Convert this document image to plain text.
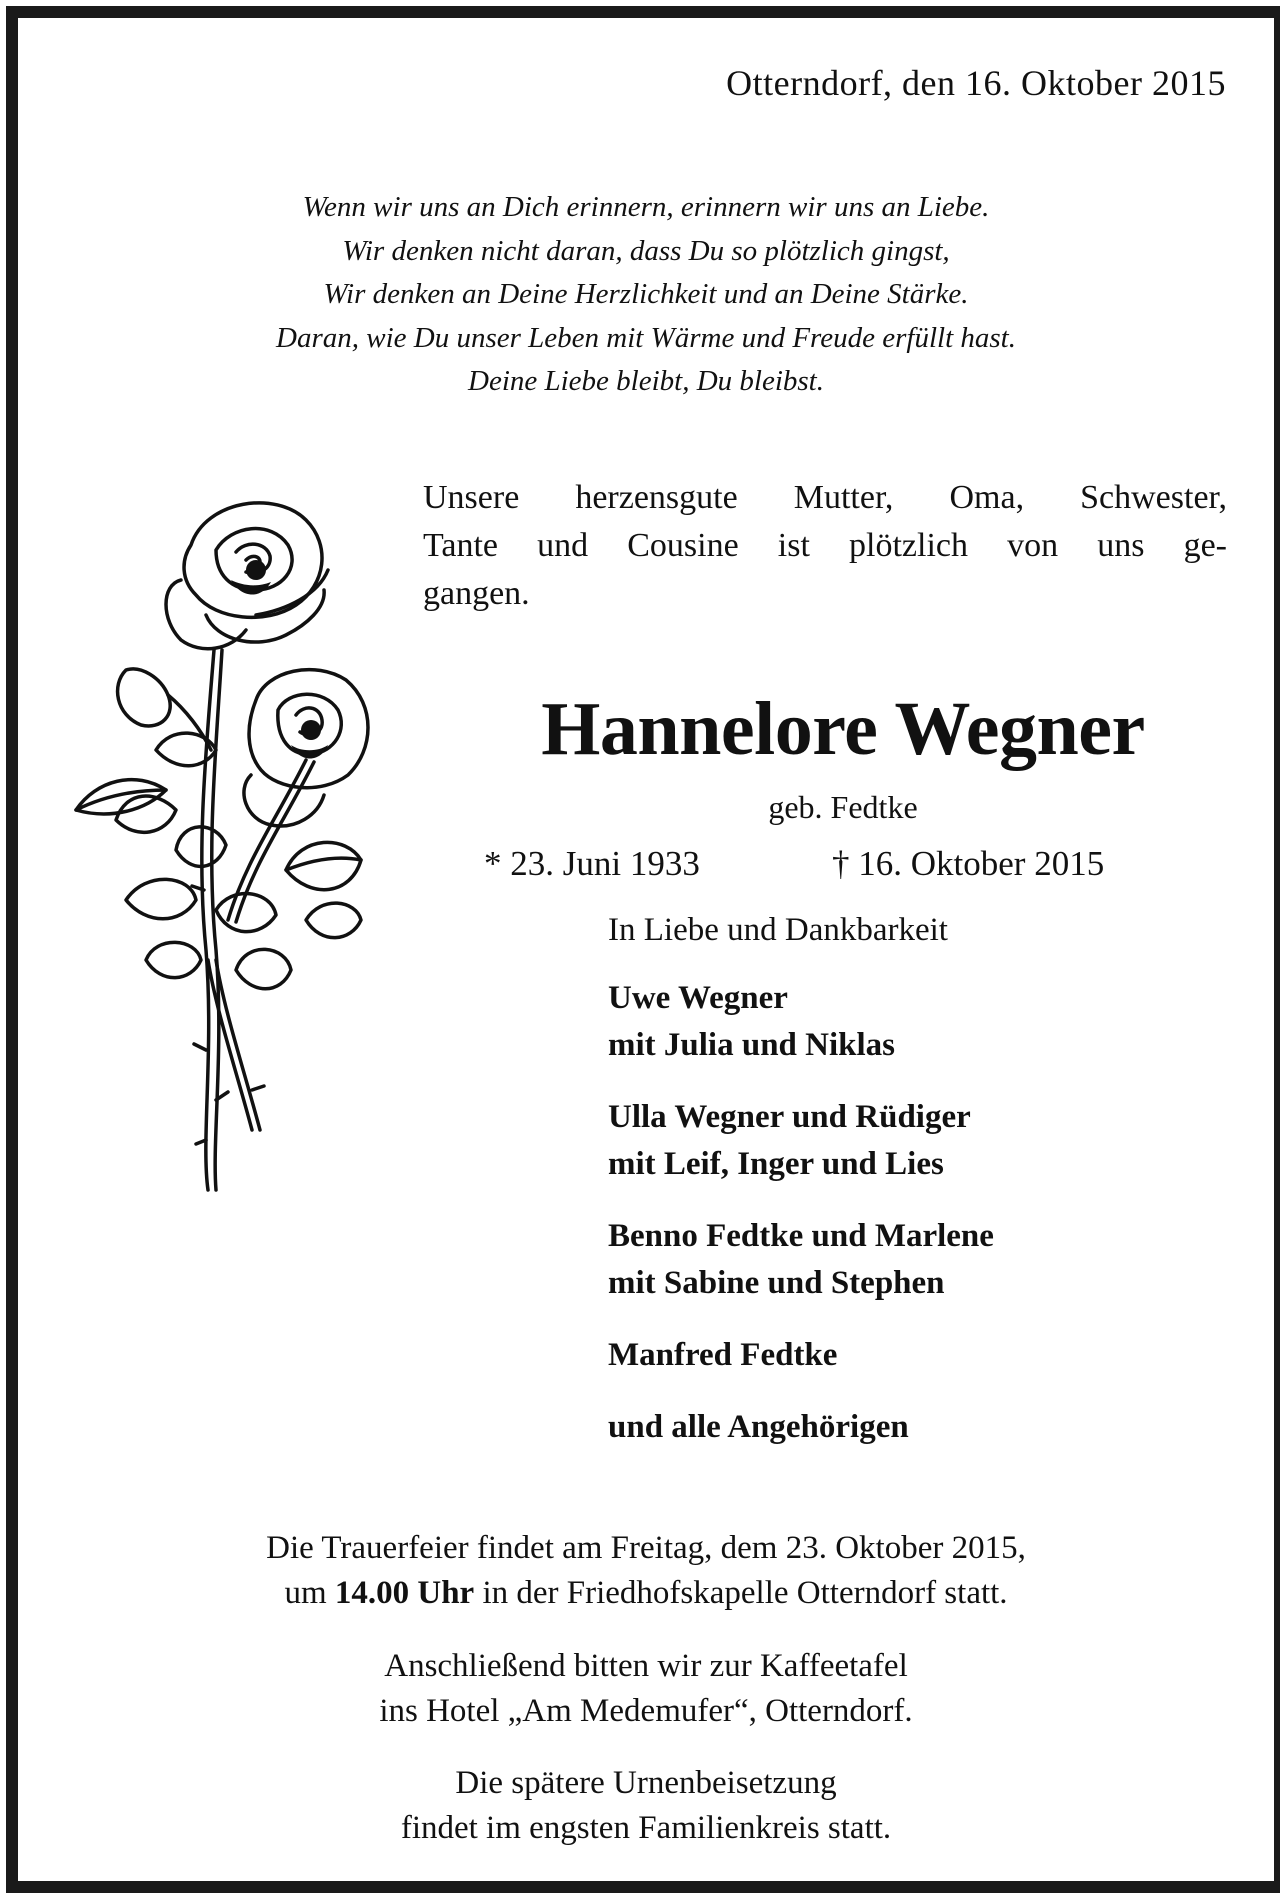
Otterndorf, den 16. Oktober 2015
Wenn wir uns an Dich erinnern, erinnern wir uns an Liebe.
Wir denken nicht daran, dass Du so plötzlich gingst,
Wir denken an Deine Herzlichkeit und an Deine Stärke.
Daran, wie Du unser Leben mit Wärme und Freude erfüllt hast.
Deine Liebe bleibt, Du bleibst.
Unsere herzensgute Mutter, Oma, Schwester,
Tante und Cousine ist plötzlich von uns ge-
gangen.
Hannelore Wegner
geb. Fedtke
* 23. Juni 1933	† 16. Oktober 2015
In Liebe und Dankbarkeit
Uwe Wegner
mit Julia und Niklas
Ulla Wegner und Rüdiger
mit Leif, Inger und Lies
Benno Fedtke und Marlene
mit Sabine und Stephen
Manfred Fedtke
und alle Angehörigen
Die Trauerfeier findet am Freitag, dem 23. Oktober 2015,
um 14.00 Uhr in der Friedhofskapelle Otterndorf statt.
Anschließend bitten wir zur Kaffeetafel
ins Hotel „Am Medemufer“, Otterndorf.
Die spätere Urnenbeisetzung
findet im engsten Familienkreis statt.
